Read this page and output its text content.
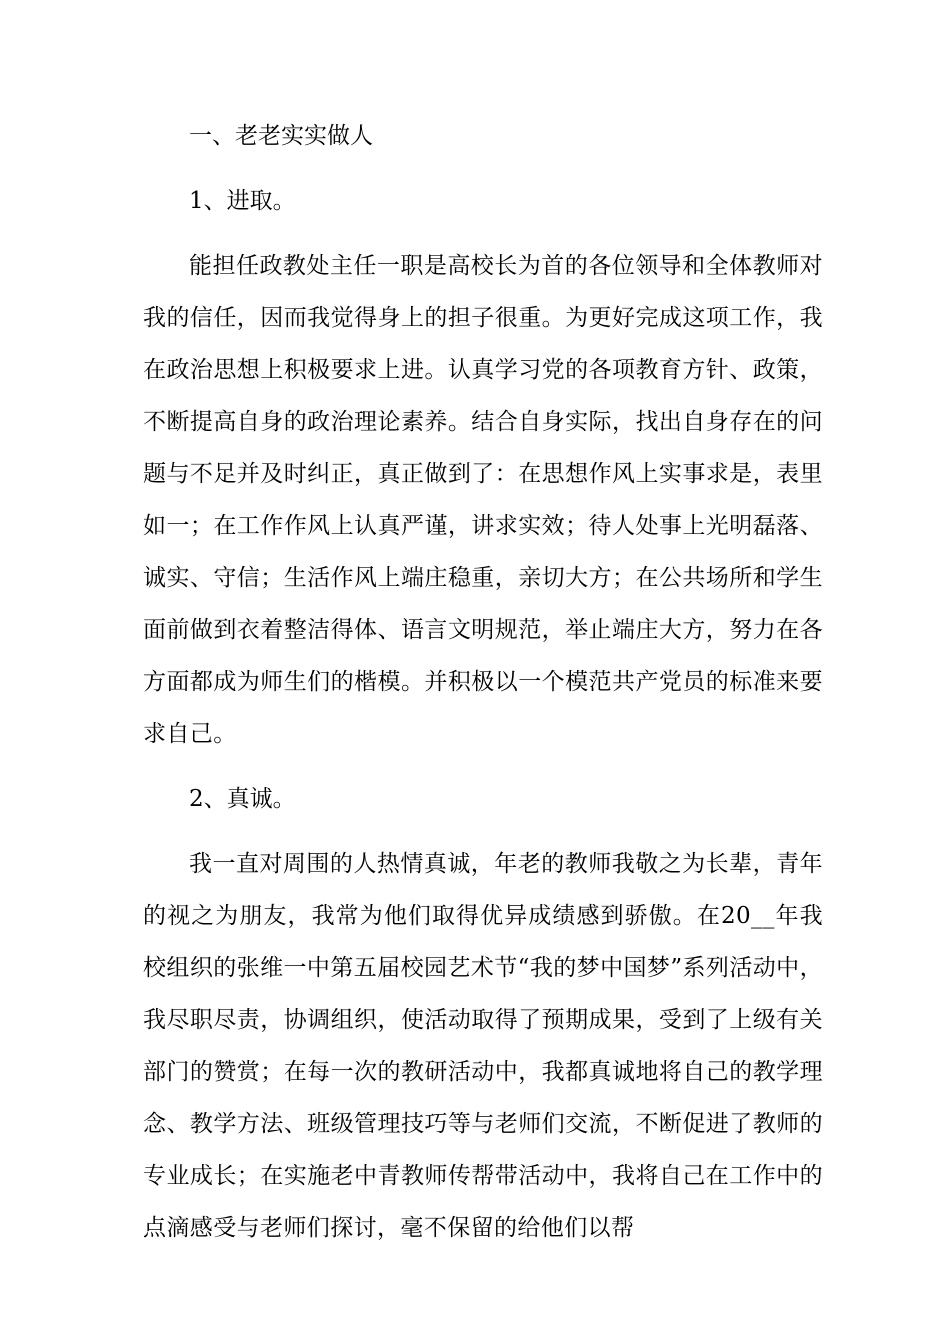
一、老老实实做人
1、进取。

能担任政教处主任一职是高校长为首的各位领导和全体教师对我的信任，因而我觉得身上的担子很重。为更好完成这项工作，我在政治思想上积极要求上进。认真学习党的各项教育方针、政策，不断提高自身的政治理论素养。结合自身实际，找出自身存在的问题与不足并及时纠正，真正做到了：在思想作风上实事求是，表里如一；在工作作风上认真严谨，讲求实效；待人处事上光明磊落、诚实、守信；生活作风上端庄稳重，亲切大方；在公共场所和学生面前做到衣着整洁得体、语言文明规范，举止端庄大方，努力在各方面都成为师生们的楷模。并积极以一个模范共产党员的标准来要求自己。

2、真诚。

我一直对周围的人热情真诚，年老的教师我敬之为长辈，青年的视之为朋友，我常为他们取得优异成绩感到骄傲。在20__年我校组织的张维一中第五届校园艺术节“我的梦中国梦”系列活动中，我尽职尽责，协调组织，使活动取得了预期成果，受到了上级有关部门的赞赏；在每一次的教研活动中，我都真诚地将自己的教学理念、教学方法、班级管理技巧等与老师们交流，不断促进了教师的专业成长；在实施老中青教师传帮带活动中，我将自己在工作中的点滴感受与老师们探讨，毫不保留的给他们以帮
